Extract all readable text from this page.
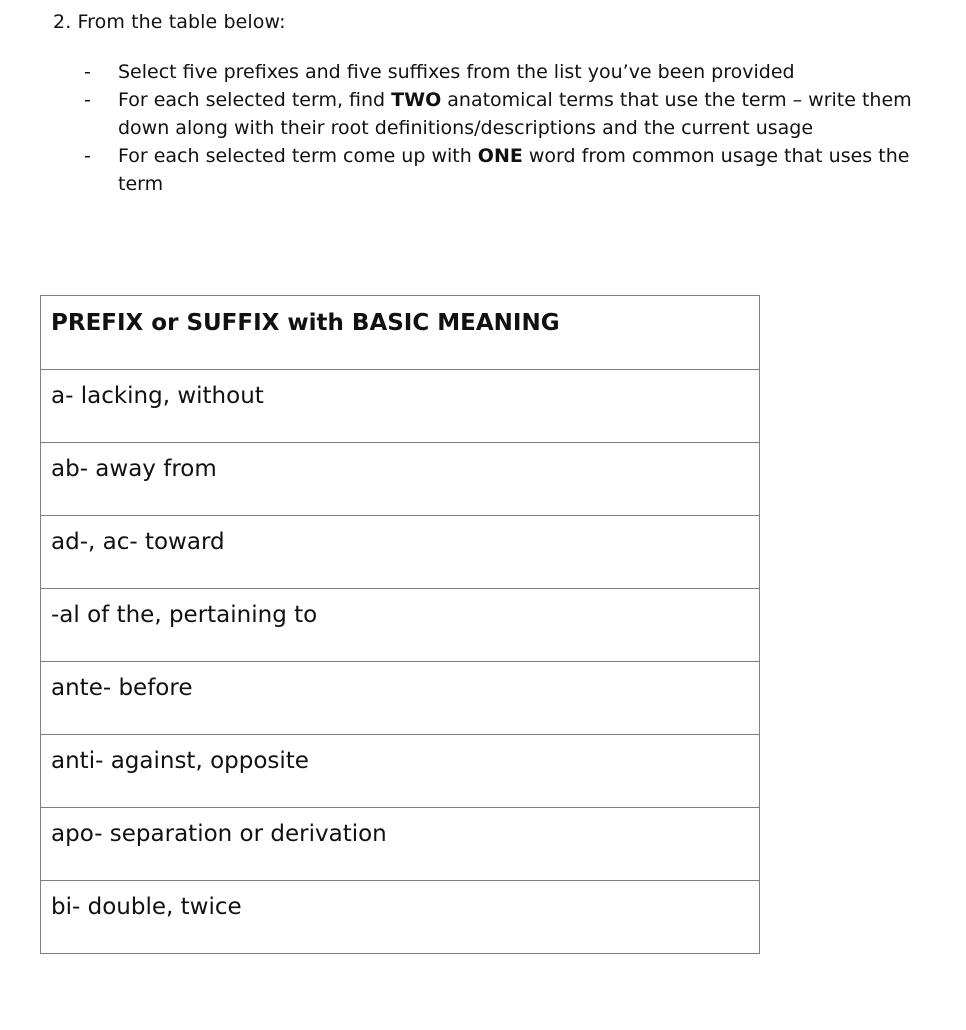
2. From the table below:
- Select five prefixes and five suffixes from the list you’ve been provided
- For each selected term, find TWO anatomical terms that use the term – write them down along with their root definitions/descriptions and the current usage
- For each selected term come up with ONE word from common usage that uses the term
PREFIX or SUFFIX with BASIC MEANING
a- lacking, without
ab- away from
ad-, ac- toward
-al of the, pertaining to
ante- before
anti- against, opposite
apo- separation or derivation
bi- double, twice
